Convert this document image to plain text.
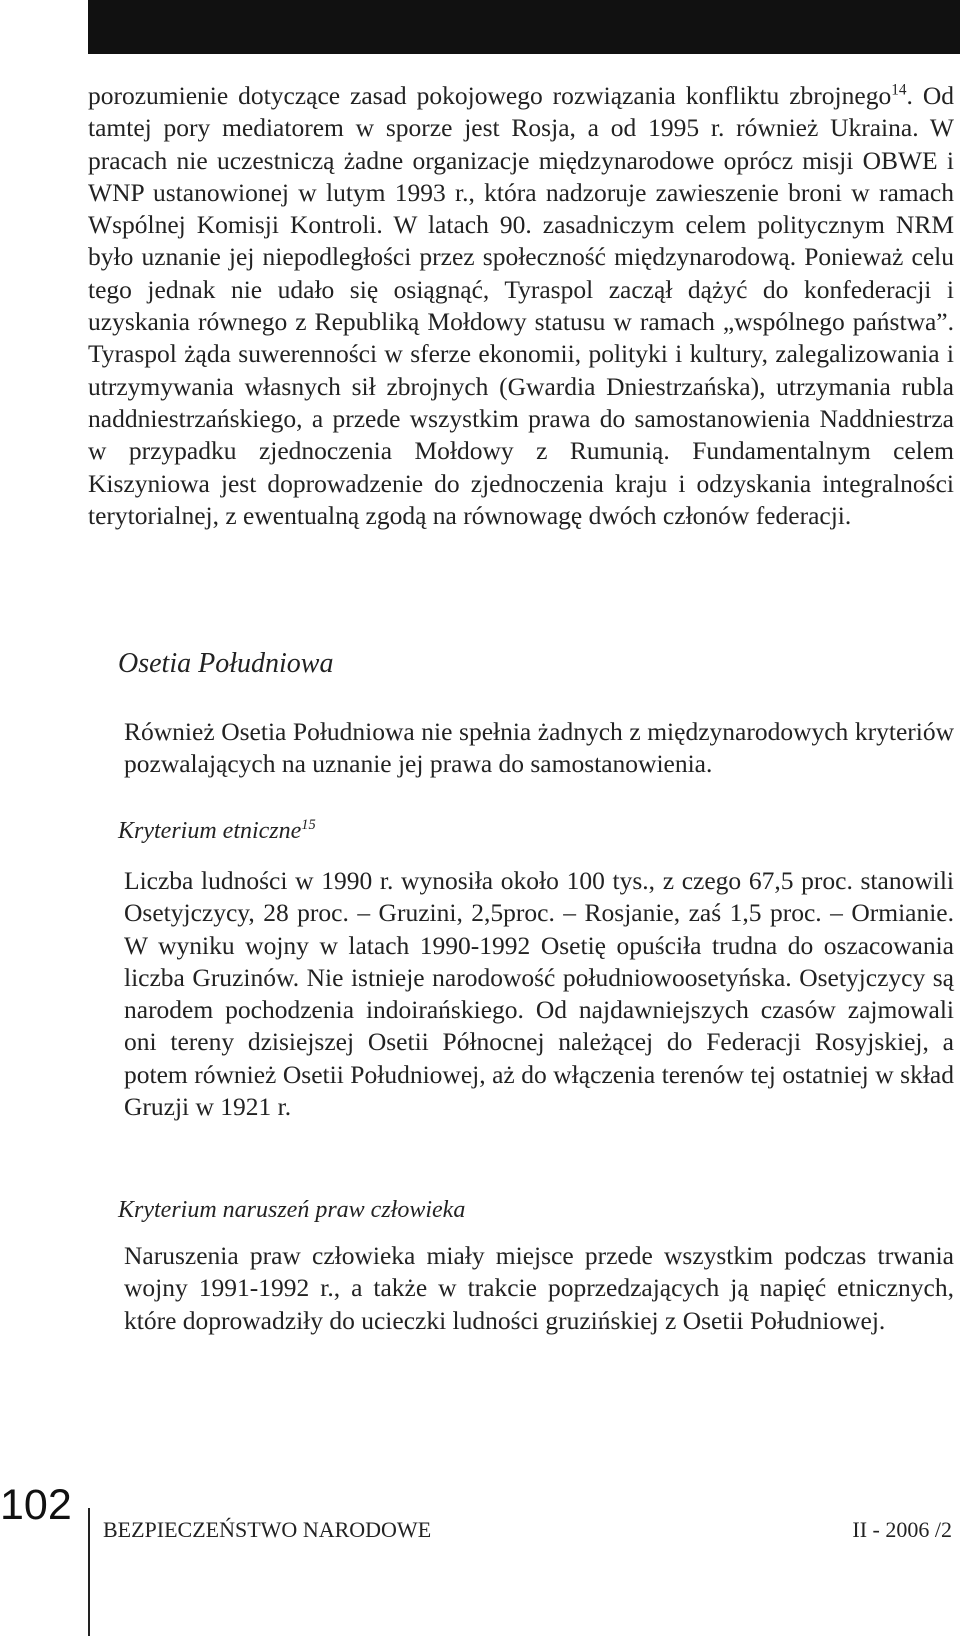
porozumienie dotyczące zasad pokojowego rozwiązania konfliktu zbrojnego$^{14}$. Od tamtej pory mediatorem w sporze jest Rosja, a od 1995 r. również Ukraina. W pracach nie uczestniczą żadne organizacje międzynarodowe oprócz misji OBWE i WNP ustanowionej w lutym 1993 r., która nadzoruje zawieszenie broni w ramach Wspólnej Komisji Kontroli. W latach 90. zasadniczym celem politycznym NRM było uznanie jej niepodległości przez społeczność międzynarodową. Ponieważ celu tego jednak nie udało się osiągnąć, Tyraspol zaczął dążyć do konfederacji i uzyskania równego z Republiką Mołdowy statusu w ramach „wspólnego państwa”. Tyraspol żąda suwerenności w sferze ekonomii, polityki i kultury, zalegalizowania i utrzymywania własnych sił zbrojnych (Gwardia Dniestrzańska), utrzymania rubla naddniestrzańskiego, a przede wszystkim prawa do samostanowienia Naddniestrza w przypadku zjednoczenia Mołdowy z Rumunią. Fundamentalnym celem Kiszyniowa jest doprowadzenie do zjednoczenia kraju i odzyskania integralności terytorialnej, z ewentualną zgodą na równowagę dwóch członów federacji.

Osetia Południowa

Również Osetia Południowa nie spełnia żadnych z międzynarodowych kryteriów pozwalających na uznanie jej prawa do samostanowienia.

Kryterium etniczne$^{15}$

Liczba ludności w 1990 r. wynosiła około 100 tys., z czego 67,5 proc. stanowili Osetyjczycy, 28 proc. – Gruzini, 2,5proc. – Rosjanie, zaś 1,5 proc. – Ormianie. W wyniku wojny w latach 1990-1992 Osetię opuściła trudna do oszacowania liczba Gruzinów. Nie istnieje narodowość południowoosetyńska. Osetyjczycy są narodem pochodzenia indoirańskiego. Od najdawniejszych czasów zajmowali oni tereny dzisiejszej Osetii Północnej należącej do Federacji Rosyjskiej, a potem również Osetii Południowej, aż do włączenia terenów tej ostatniej w skład Gruzji w 1921 r.

Kryterium naruszeń praw człowieka

Naruszenia praw człowieka miały miejsce przede wszystkim podczas trwania wojny 1991-1992 r., a także w trakcie poprzedzających ją napięć etnicznych, które doprowadziły do ucieczki ludności gruzińskiej z Osetii Południowej.

102
BEZPIECZEŃSTWO NARODOWE	II - 2006 /2
